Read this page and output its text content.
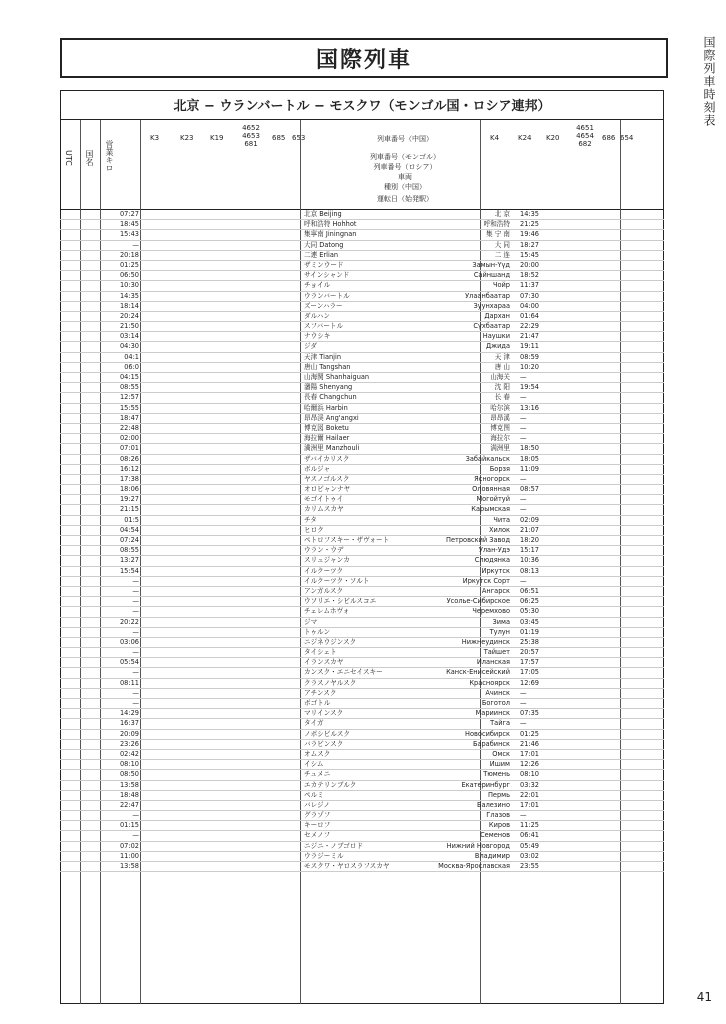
国際列車時刻表
国際列車
北京 − ウランバートル − モスクワ（モンゴル国・ロシア連邦）
UTC 国名 営業キロ
K3	K23 K19
4652 4653 681
685 653	列車番号（中国）
列車番号（モンゴル）
列車番号（ロシア）
車両
種別（中国）
運転日（始発駅）
K4	K24 K20
4651 4654 682
686 654
07:27	北京 Beijing	北 京	14:35
18:45	呼和浩特 Hohhot	呼和浩特	21:25
15:43	集寧南 Jiningnan	集 宁 南	19:46
—	大同 Datong	大 同	18:27
20:18	二連 Erlian	二 连	15:45
01:25	ザミンウード	Замын-Үүд	20:00
06:50	サインシャンド	Сайншанд	18:52
10:30	チョイル	Чойр	11:37
14:35	ウランバートル	Улаанбаатар	07:30
18:14	ズーンハラー	Зуунхараа	04:00
20:24	ダルハン	Дархан	01:64
21:50	スフバートル	Сүхбаатар	22:29
03:14	ナウシキ	Наушки	21:47
04:30	ジダ	Джида	19:11
04:1	天津 Tianjin	天 津	08:59
06:0	唐山 Tangshan	唐 山	10:20
04:15	山海関 Shanhaiguan	山海关	—
08:55	瀋陽 Shenyang	沈 阳	19:54
12:57	長春 Changchun	长 春	—
15:55	哈爾浜 Harbin	哈尔滨	13:16
18:47	昂昂渓 Ang'angxi	昂昂溪	—
22:48	博克図 Boketu	博克图	—
02:00	海拉爾 Hailaer	海拉尔	—
07:01	満洲里 Manzhouli	满洲里	18:50
08:26	ザバイカリスク	Забайкальск	18:05
16:12	ボルジャ	Борзя	11:09
17:38	ヤスノゴルスク	Ясногорск	—
18:06	オロビャンナヤ	Оловянная	08:57
19:27	モゴイトゥイ	Могойтуй	—
21:15	カリムスカヤ	Карымская	—
01:5	チタ	Чита	02:09
04:54	ヒロク	Хилок	21:07
07:24	ペトロフスキー・ザヴォート	Петровский Завод	18:20
08:55	ウラン・ウデ	Улан-Удэ	15:17
13:27	スリュジャンカ	Слюдянка	10:36
15:54	イルクーツク	Иркутск	08:13
—	イルクーツク・ソルト	Иркутск Сорт	—
—	アンガルスク	Ангарск	06:51
—	ウソリエ・シビルスコエ	Усолье-Сибирское	06:25
—	チェレムホヴォ	Черемхово	05:30
20:22	ジマ	Зима	03:45
—	トゥルン	Тулун	01:19
03:06	ニジネウジンスク	Нижнеудинск	25:38
—	タイシェト	Тайшет	20:57
05:54	イランスカヤ	Иланская	17:57
—	カンスク・エニセイスキー	Канск-Енисейский	17:05
08:11	クラスノヤルスク	Красноярск	12:69
—	アチンスク	Ачинск	—
—	ボゴトル	Боготол	—
14:29	マリインスク	Мариинск	07:35
16:37	タイガ	Тайга	—
20:09	ノボシビルスク	Новосибирск	01:25
23:26	バラビンスク	Барабинск	21:46
02:42	オムスク	Омск	17:01
08:10	イシム	Ишим	12:26
08:50	チュメニ	Тюмень	08:10
13:58	エカテリンブルク	Екатеринбург	03:32
18:48	ペルミ	Пермь	22:01
22:47	バレジノ	Балезино	17:01
—	グラゾフ	Глазов	—
01:15	キーロフ	Киров	11:25
—	セメノフ	Семенов	06:41
07:02	ニジニ・ノブゴロド	Нижний Новгород	05:49
11:00	ウラジーミル	Владимир	03:02
13:58	モスクワ・ヤロスラフスカヤ	Москва-Ярославская	23:55
41
